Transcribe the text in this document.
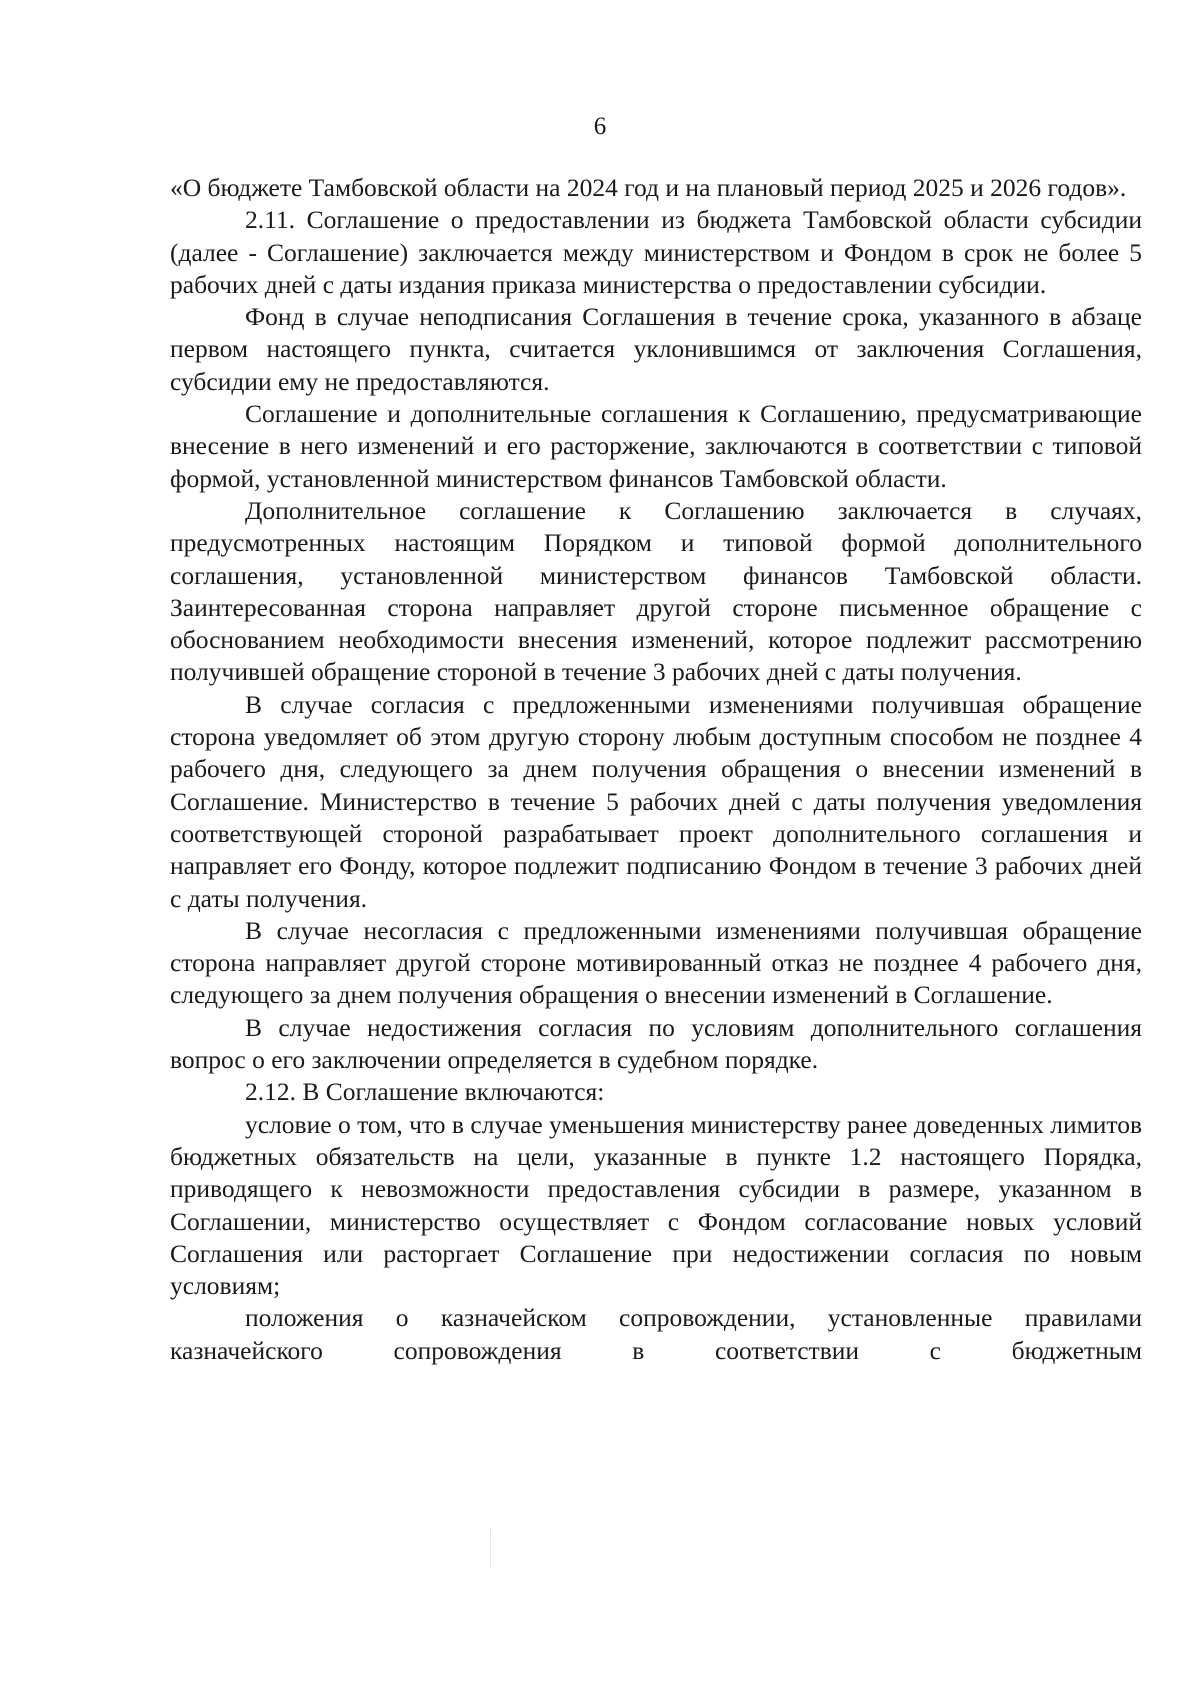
6

«О бюджете Тамбовской области на 2024 год и на плановый период 2025 и 2026 годов».

2.11. Соглашение о предоставлении из бюджета Тамбовской области субсидии (далее - Соглашение) заключается между министерством и Фондом в срок не более 5 рабочих дней с даты издания приказа министерства о предоставлении субсидии.

Фонд в случае неподписания Соглашения в течение срока, указанного в абзаце первом настоящего пункта, считается уклонившимся от заключения Соглашения, субсидии ему не предоставляются.

Соглашение и дополнительные соглашения к Соглашению, предусматривающие внесение в него изменений и его расторжение, заключаются в соответствии с типовой формой, установленной министерством финансов Тамбовской области.

Дополнительное соглашение к Соглашению заключается в случаях, предусмотренных настоящим Порядком и типовой формой дополнительного соглашения, установленной министерством финансов Тамбовской области. Заинтересованная сторона направляет другой стороне письменное обращение с обоснованием необходимости внесения изменений, которое подлежит рассмотрению получившей обращение стороной в течение 3 рабочих дней с даты получения.

В случае согласия с предложенными изменениями получившая обращение сторона уведомляет об этом другую сторону любым доступным способом не позднее 4 рабочего дня, следующего за днем получения обращения о внесении изменений в Соглашение. Министерство в течение 5 рабочих дней с даты получения уведомления соответствующей стороной разрабатывает проект дополнительного соглашения и направляет его Фонду, которое подлежит подписанию Фондом в течение 3 рабочих дней с даты получения.

В случае несогласия с предложенными изменениями получившая обращение сторона направляет другой стороне мотивированный отказ не позднее 4 рабочего дня, следующего за днем получения обращения о внесении изменений в Соглашение.

В случае недостижения согласия по условиям дополнительного соглашения вопрос о его заключении определяется в судебном порядке.

2.12. В Соглашение включаются:

условие о том, что в случае уменьшения министерству ранее доведенных лимитов бюджетных обязательств на цели, указанные в пункте 1.2 настоящего Порядка, приводящего к невозможности предоставления субсидии в размере, указанном в Соглашении, министерство осуществляет с Фондом согласование новых условий Соглашения или расторгает Соглашение при недостижении согласия по новым условиям;

положения о казначейском сопровождении, установленные правилами казначейского сопровождения в соответствии с бюджетным
